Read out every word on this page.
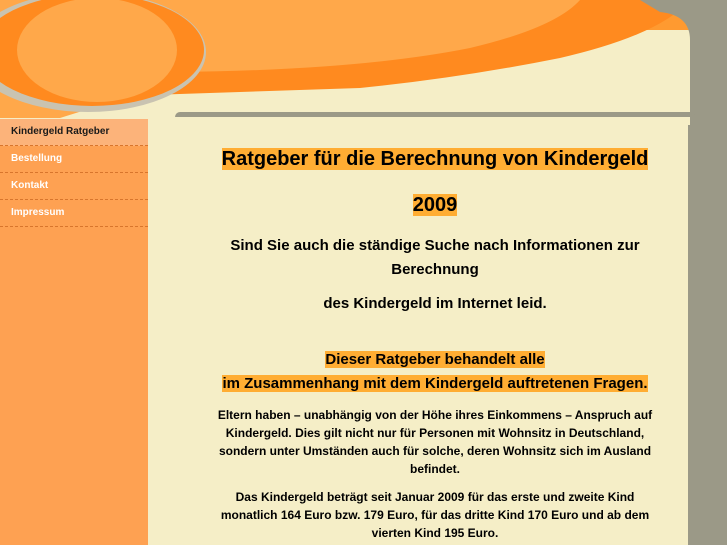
Kindergeld Ratgeber
Bestellung
Kontakt
Impressum

Ratgeber für die Berechnung von Kindergeld

2009

Sind Sie auch die ständige Suche nach Informationen zur

Berechnung

des Kindergeld im Internet leid.

Dieser Ratgeber behandelt alle

im Zusammenhang mit dem Kindergeld auftretenen Fragen.

Eltern haben – unabhängig von der Höhe ihres Einkommens – Anspruch auf

Kindergeld. Dies gilt nicht nur für Personen mit Wohnsitz in Deutschland,

sondern unter Umständen auch für solche, deren Wohnsitz sich im Ausland

befindet.

Das Kindergeld beträgt seit Januar 2009 für das erste und zweite Kind

monatlich 164 Euro bzw. 179 Euro, für das dritte Kind 170 Euro und ab dem

vierten Kind 195 Euro.
